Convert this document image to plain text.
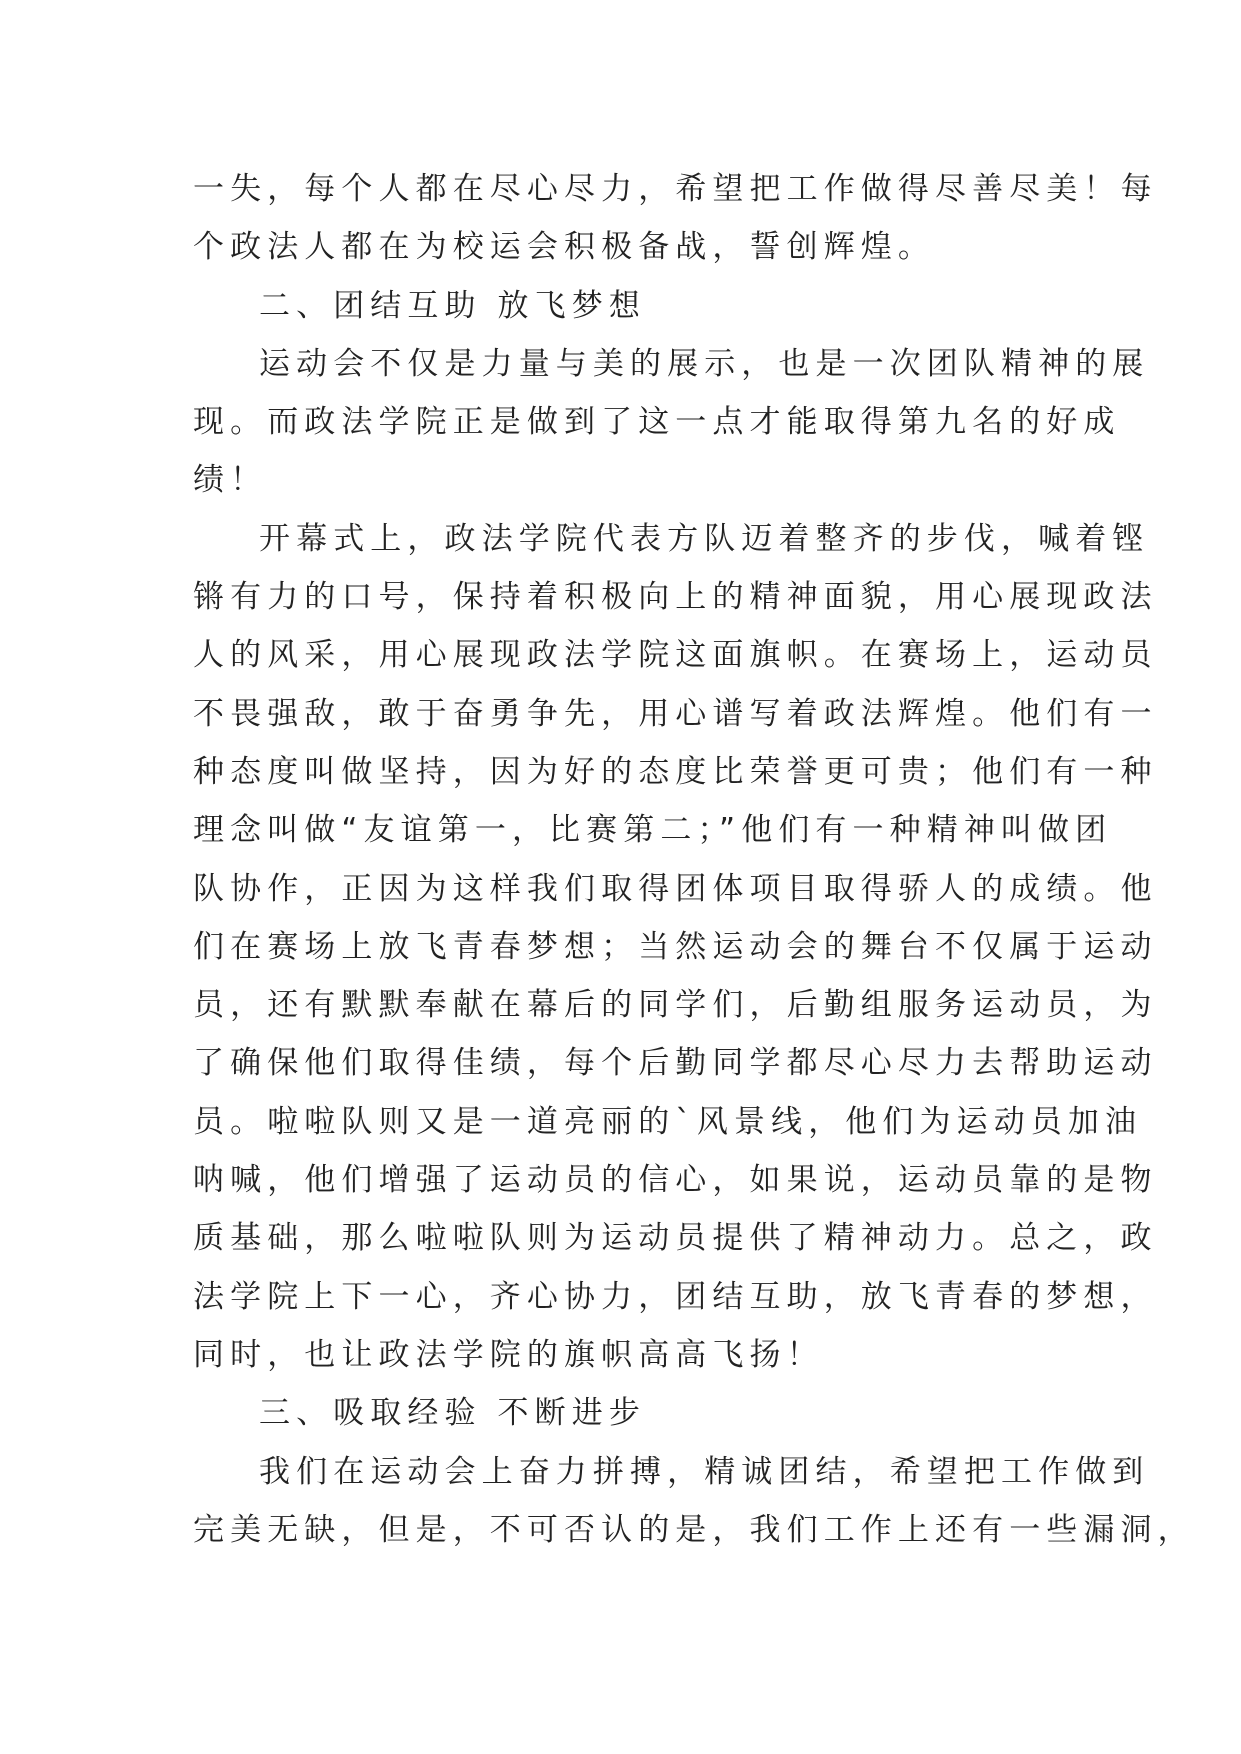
一失，每个人都在尽心尽力，希望把工作做得尽善尽美！每
个政法人都在为校运会积极备战，誓创辉煌。

二、团结互助 放飞梦想

运动会不仅是力量与美的展示，也是一次团队精神的展
现。而政法学院正是做到了这一点才能取得第九名的好成
绩！

开幕式上，政法学院代表方队迈着整齐的步伐，喊着铿
锵有力的口号，保持着积极向上的精神面貌，用心展现政法
人的风采，用心展现政法学院这面旗帜。在赛场上，运动员
不畏强敌，敢于奋勇争先，用心谱写着政法辉煌。他们有一
种态度叫做坚持，因为好的态度比荣誉更可贵；他们有一种
理念叫做“友谊第一，比赛第二；”他们有一种精神叫做团
队协作，正因为这样我们取得团体项目取得骄人的成绩。他
们在赛场上放飞青春梦想；当然运动会的舞台不仅属于运动
员，还有默默奉献在幕后的同学们，后勤组服务运动员，为
了确保他们取得佳绩，每个后勤同学都尽心尽力去帮助运动
员。啦啦队则又是一道亮丽的`风景线，他们为运动员加油
呐喊，他们增强了运动员的信心，如果说，运动员靠的是物
质基础，那么啦啦队则为运动员提供了精神动力。总之，政
法学院上下一心，齐心协力，团结互助，放飞青春的梦想，
同时，也让政法学院的旗帜高高飞扬！

三、吸取经验 不断进步

我们在运动会上奋力拼搏，精诚团结，希望把工作做到
完美无缺，但是，不可否认的是，我们工作上还有一些漏洞，
